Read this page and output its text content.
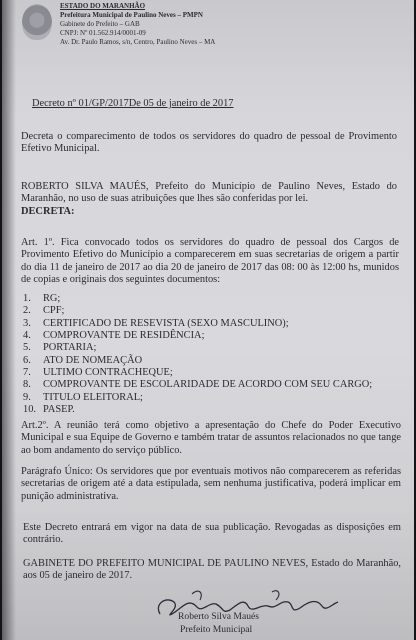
ESTADO DO MARANHÃO
Prefeitura Municipal de Paulino Neves – PMPN
Gabinete do Prefeito – GAB
CNPJ: Nº 01.562.914/0001-09
Av. Dr. Paulo Ramos, s/n, Centro, Paulino Neves – MA
Decreto nº 01/GP/2017De 05 de janeiro de 2017
Decreta o comparecimento de todos os servidores do quadro de pessoal de Provimento Efetivo Municipal.
ROBERTO SILVA MAUÉS, Prefeito do Município de Paulino Neves, Estado do Maranhão, no uso de suas atribuições que lhes são conferidas por lei.
DECRETA:
Art. 1º. Fica convocado todos os servidores do quadro de pessoal dos Cargos de Provimento Efetivo do Município a comparecerem em suas secretarias de origem a partir do dia 11 de janeiro de 2017 ao dia 20 de janeiro de 2017 das 08: 00 às 12:00 hs, munidos de copias e originais dos seguintes documentos:
1. RG;
2. CPF;
3. CERTIFICADO DE RESEVISTA (SEXO MASCULINO);
4. COMPROVANTE DE RESIDÊNCIA;
5. PORTARIA;
6. ATO DE NOMEAÇÃO
7. ULTIMO CONTRACHEQUE;
8. COMPROVANTE DE ESCOLARIDADE DE ACORDO COM SEU CARGO;
9. TITULO ELEITORAL;
10. PASEP.
Art.2º. A reunião terá como objetivo a apresentação do Chefe do Poder Executivo Municipal e sua Equipe de Governo e também tratar de assuntos relacionados no que tange ao bom andamento do serviço público.
Parágrafo Único: Os servidores que por eventuais motivos não comparecerem as referidas secretarias de origem até a data estipulada, sem nenhuma justificativa, poderá implicar em punição administrativa.
Este Decreto entrará em vigor na data de sua publicação. Revogadas as disposições em contrário.
GABINETE DO PREFEITO MUNICIPAL DE PAULINO NEVES, Estado do Maranhão, aos 05 de janeiro de 2017.
Roberto Silva Maués
Prefeito Municipal
